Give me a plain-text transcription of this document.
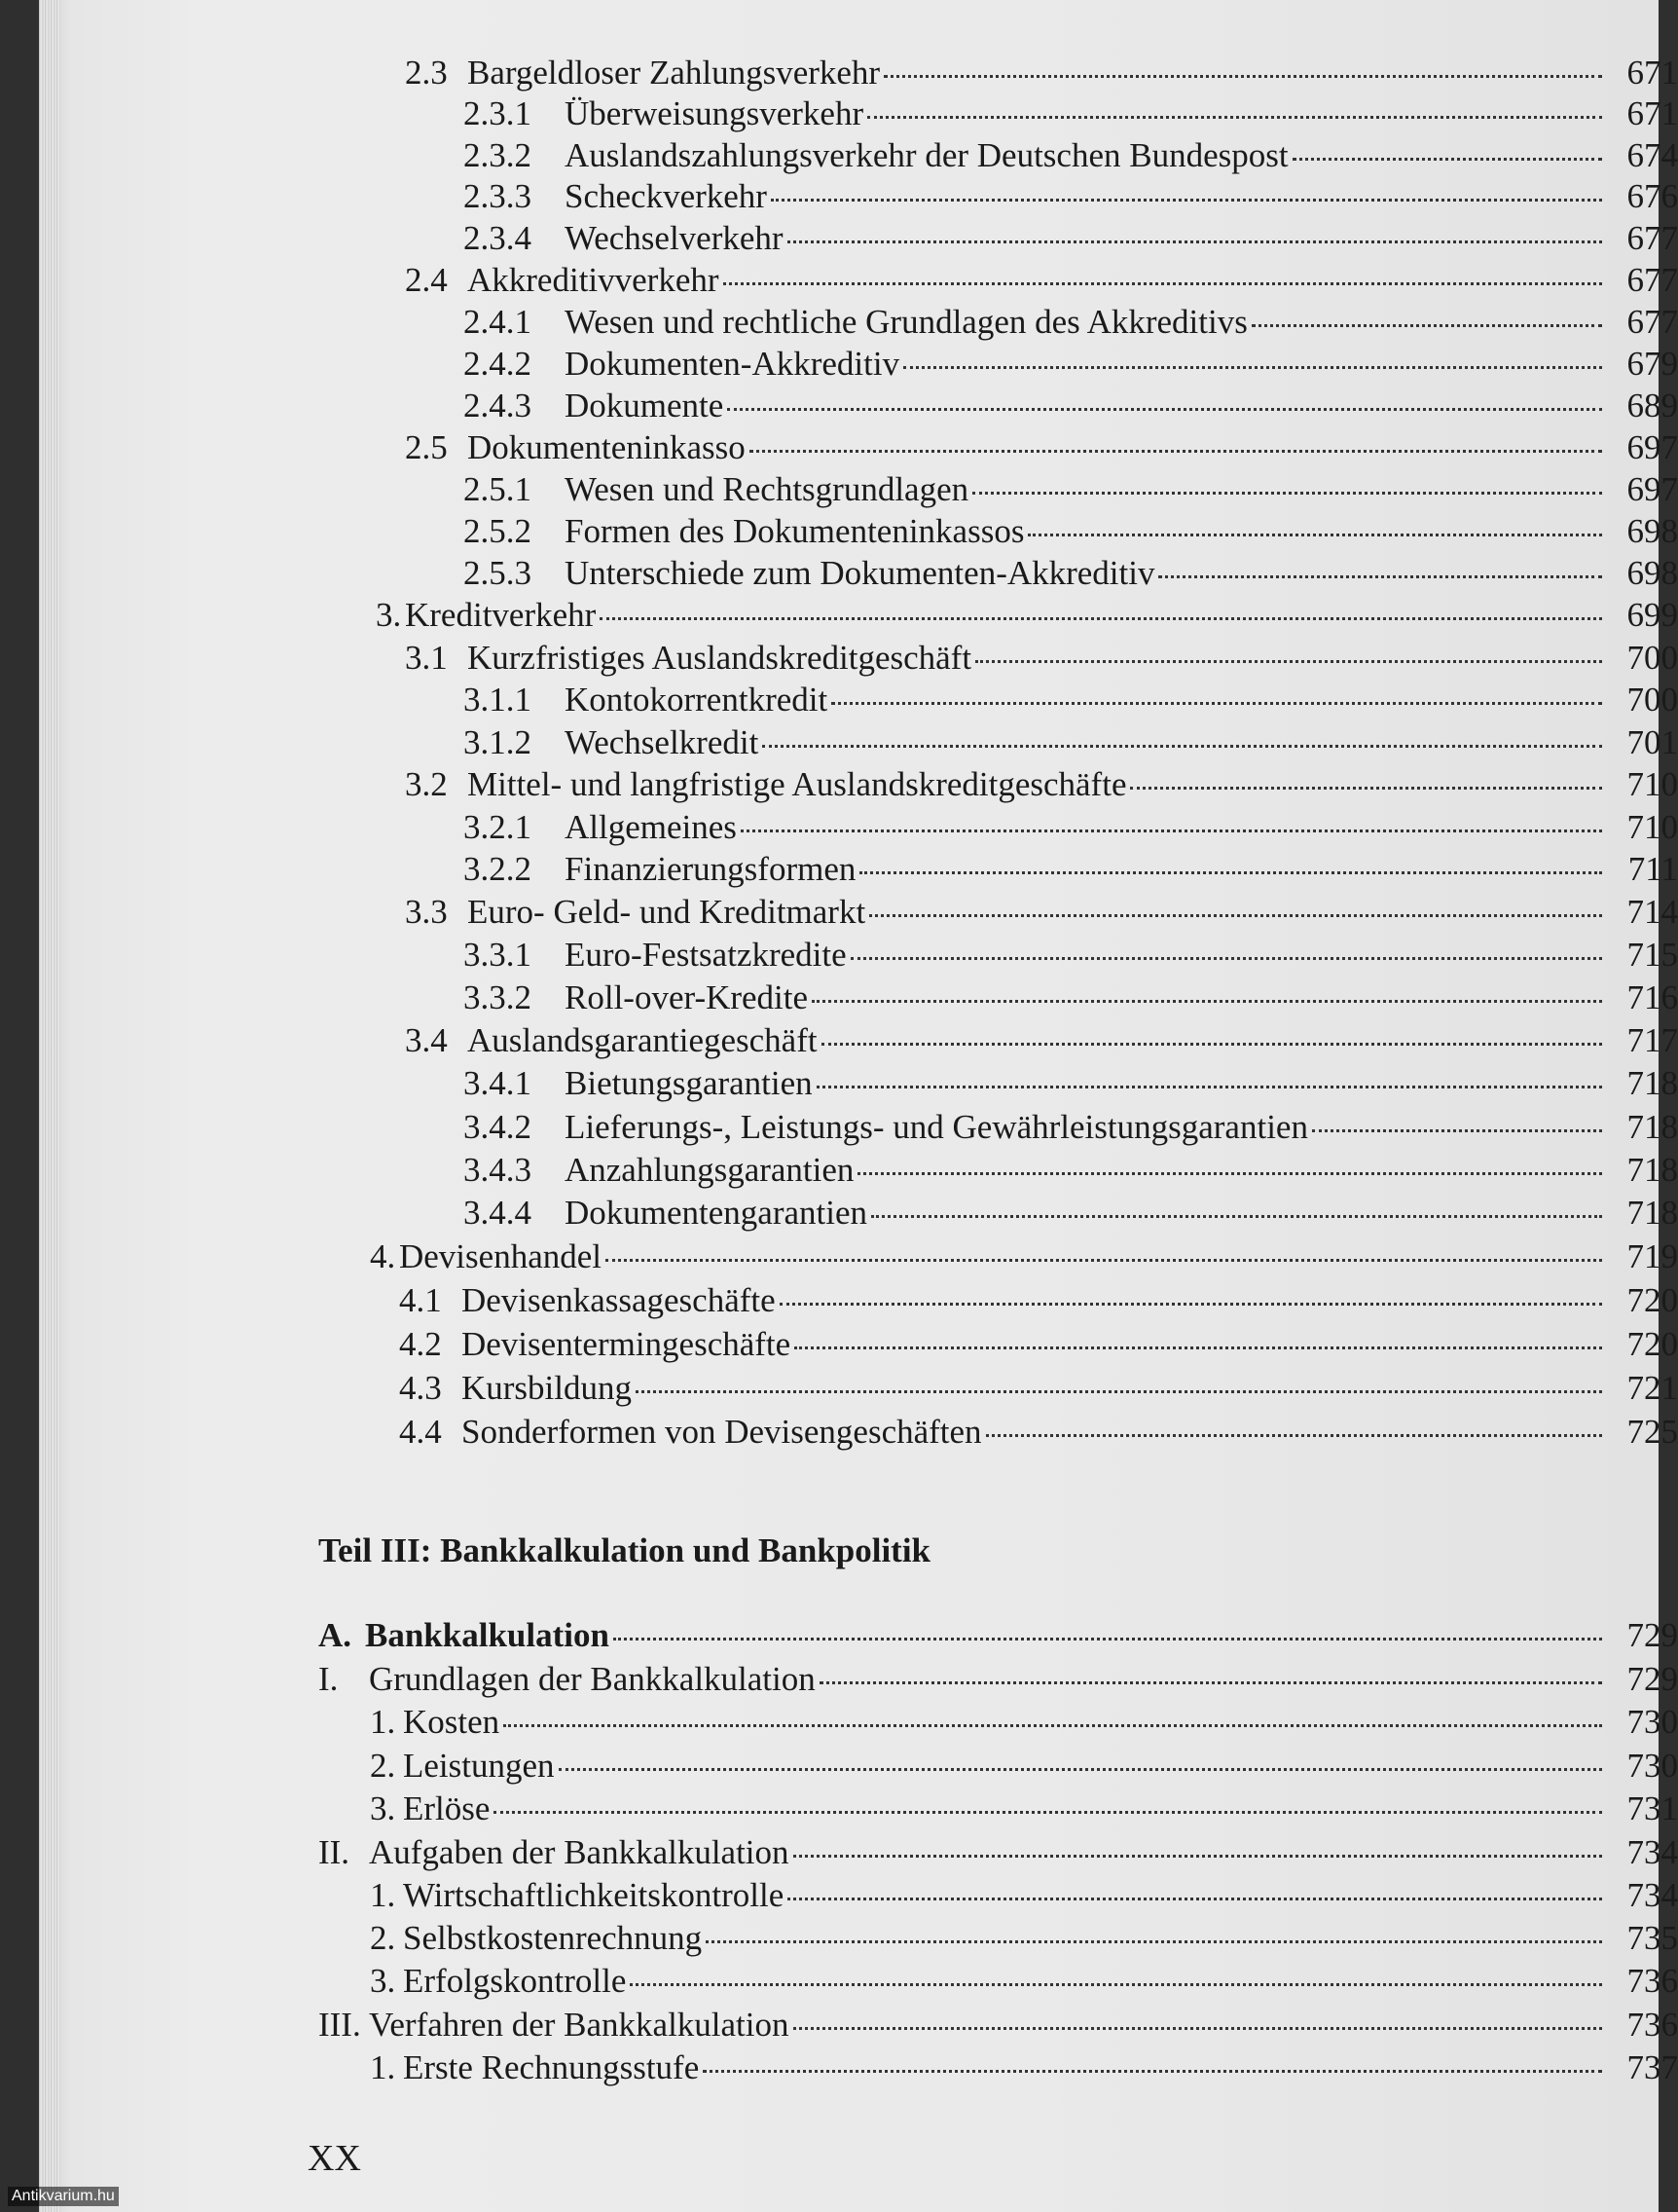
2.3 Bargeldloser Zahlungsverkehr	671
2.3.1 Überweisungsverkehr	671
2.3.2 Auslandszahlungsverkehr der Deutschen Bundespost	674
2.3.3 Scheckverkehr	676
2.3.4 Wechselverkehr	677
2.4 Akkreditivverkehr	677
2.4.1 Wesen und rechtliche Grundlagen des Akkreditivs	677
2.4.2 Dokumenten-Akkreditiv	679
2.4.3 Dokumente	689
2.5 Dokumenteninkasso	697
2.5.1 Wesen und Rechtsgrundlagen	697
2.5.2 Formen des Dokumenteninkassos	698
2.5.3 Unterschiede zum Dokumenten-Akkreditiv	698
3. Kreditverkehr	699
3.1 Kurzfristiges Auslandskreditgeschäft	700
3.1.1 Kontokorrentkredit	700
3.1.2 Wechselkredit	701
3.2 Mittel- und langfristige Auslandskreditgeschäfte	710
3.2.1 Allgemeines	710
3.2.2 Finanzierungsformen	711
3.3 Euro- Geld- und Kreditmarkt	714
3.3.1 Euro-Festsatzkredite	715
3.3.2 Roll-over-Kredite	716
3.4 Auslandsgarantiegeschäft	717
3.4.1 Bietungsgarantien	718
3.4.2 Lieferungs-, Leistungs- und Gewährleistungsgarantien	718
3.4.3 Anzahlungsgarantien	718
3.4.4 Dokumentengarantien	718
4. Devisenhandel	719
4.1 Devisenkassageschäfte	720
4.2 Devisentermingeschäfte	720
4.3 Kursbildung	721
4.4 Sonderformen von Devisengeschäften	725
Teil III: Bankkalkulation und Bankpolitik
A. Bankkalkulation	729
I. Grundlagen der Bankkalkulation	729
1. Kosten	730
2. Leistungen	730
3. Erlöse	731
II. Aufgaben der Bankkalkulation	734
1. Wirtschaftlichkeitskontrolle	734
2. Selbstkostenrechnung	735
3. Erfolgskontrolle	736
III. Verfahren der Bankkalkulation	736
1. Erste Rechnungsstufe	737
XX
Antikvarium.hu
